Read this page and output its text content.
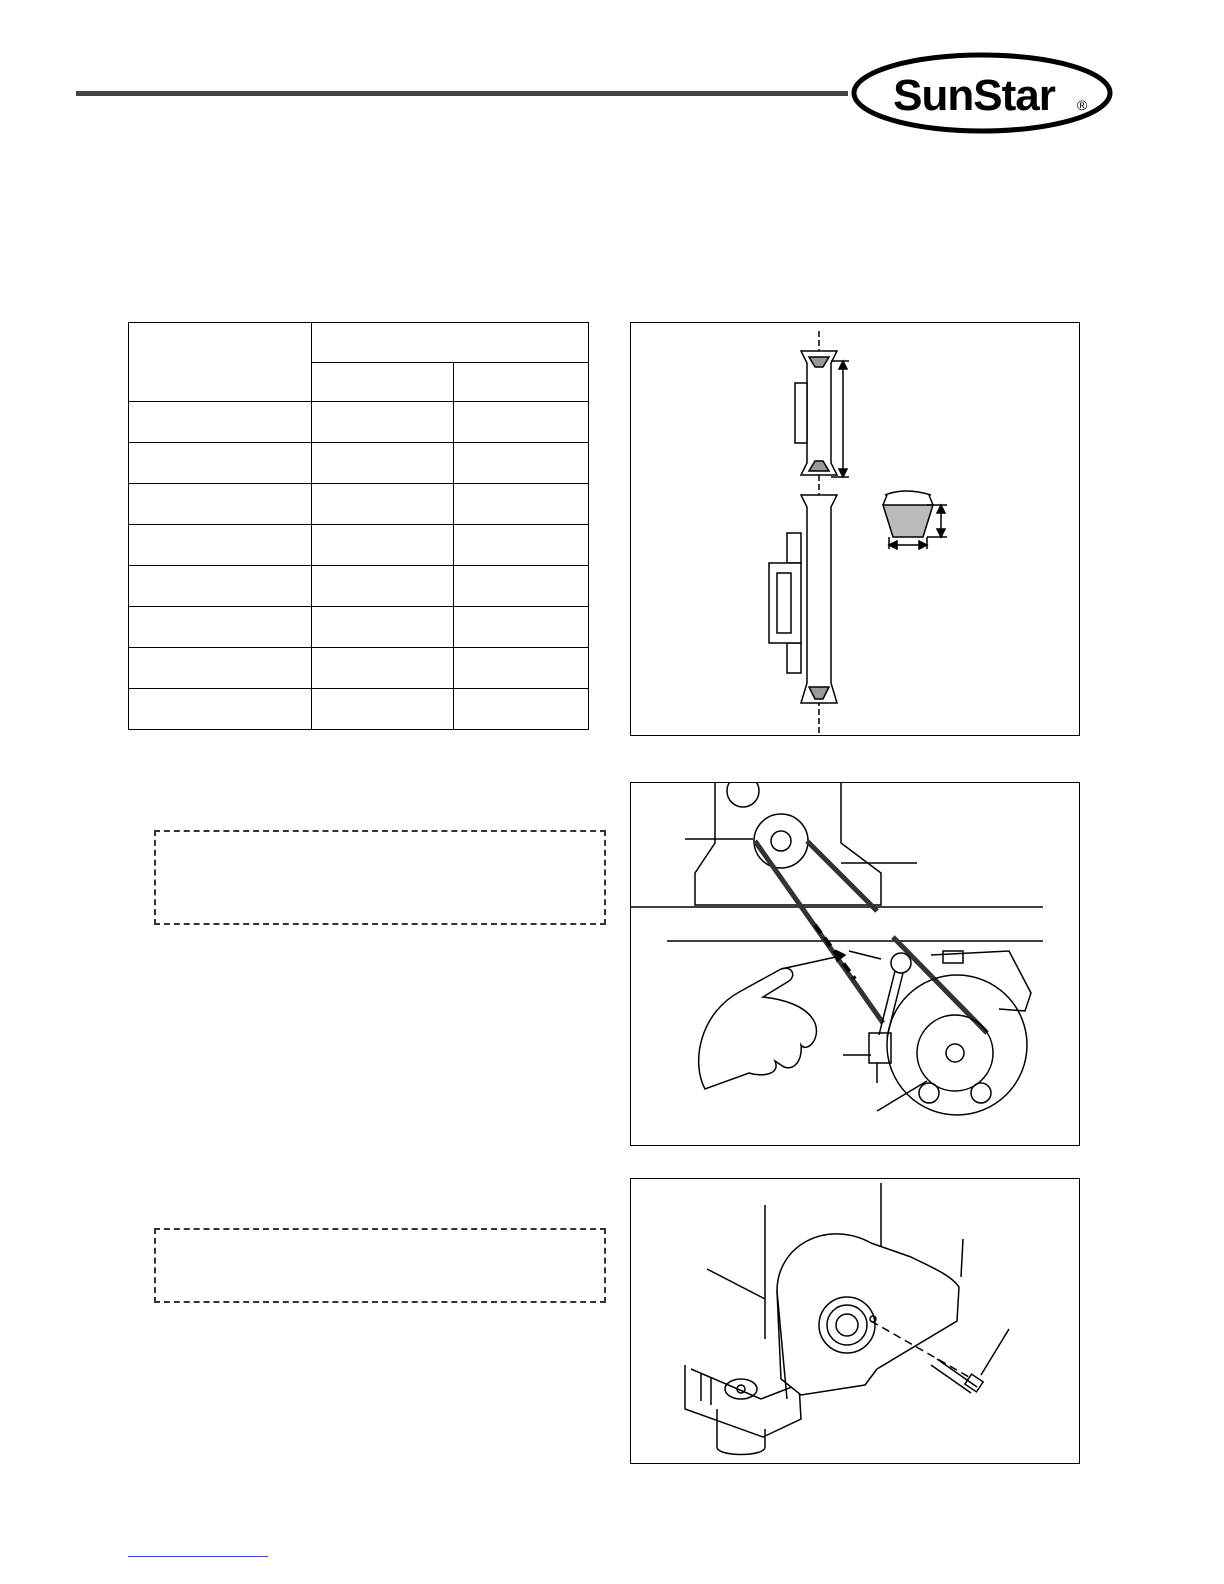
SunStar ®
